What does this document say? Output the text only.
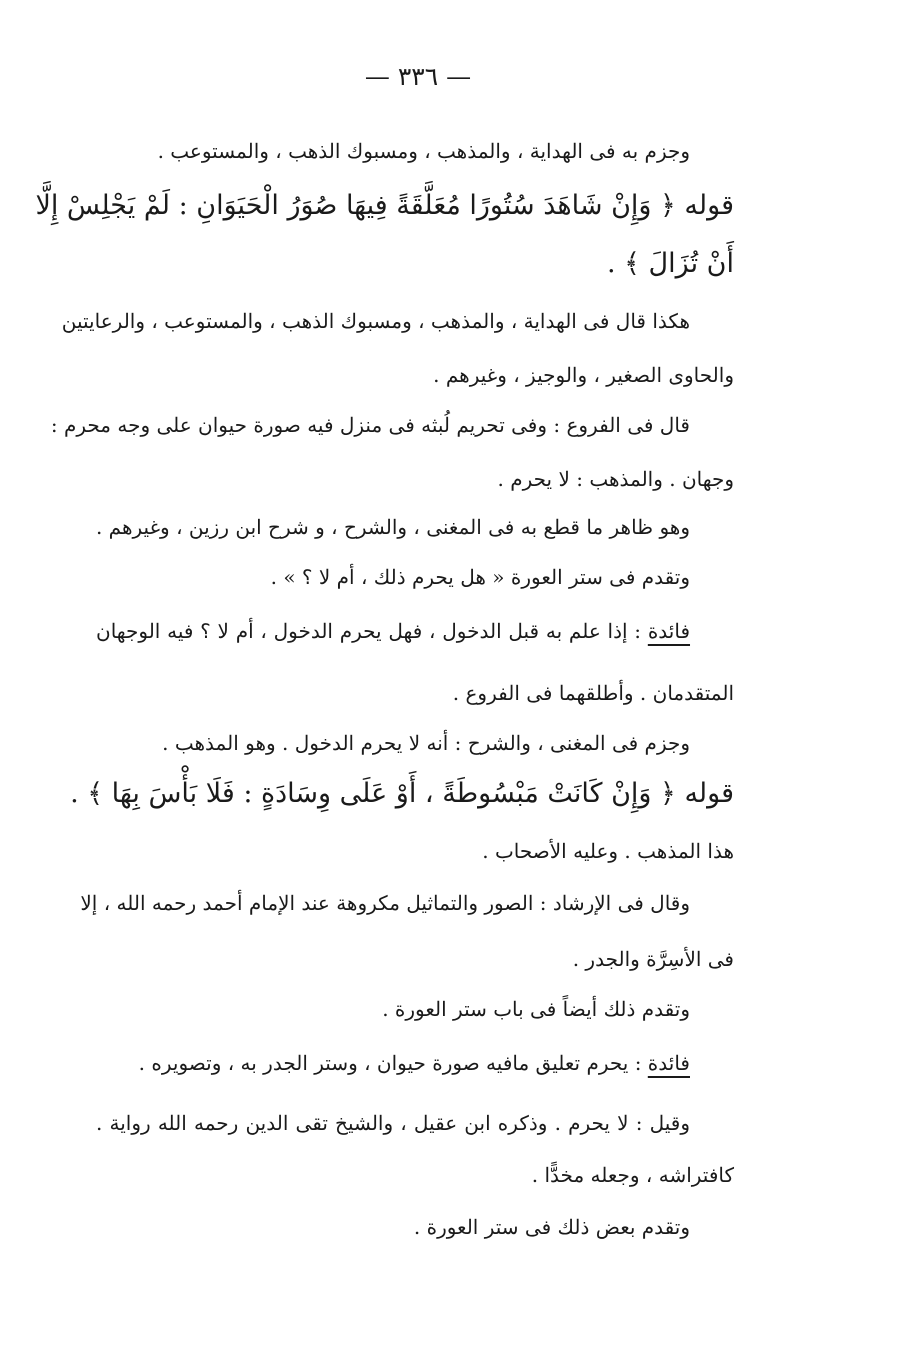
— ٣٣٦ —
وجزم به فى الهداية ، والمذهب ، ومسبوك الذهب ، والمستوعب .
قوله ﴿ وَإِنْ شَاهَدَ سُتُورًا مُعَلَّقَةً فِيهَا صُوَرُ الْحَيَوَانِ : لَمْ يَجْلِسْ إِلَّا
أَنْ تُزَالَ ﴾ .
هكذا قال فى الهداية ، والمذهب ، ومسبوك الذهب ، والمستوعب ، والرعايتين
والحاوى الصغير ، والوجيز ، وغيرهم .
قال فى الفروع : وفى تحريم لُبثه فى منزل فيه صورة حيوان على وجه محرم :
وجهان . والمذهب : لا يحرم .
وهو ظاهر ما قطع به فى المغنى ، والشرح ، و شرح ابن رزين ، وغيرهم .
وتقدم فى ستر العورة « هل يحرم ذلك ، أم لا ؟ » .
فائدة : إذا علم به قبل الدخول ، فهل يحرم الدخول ، أم لا ؟ فيه الوجهان
المتقدمان . وأطلقهما فى الفروع .
وجزم فى المغنى ، والشرح : أنه لا يحرم الدخول . وهو المذهب .
قوله ﴿ وَإِنْ كَانَتْ مَبْسُوطَةً ، أَوْ عَلَى وِسَادَةٍ : فَلَا بَأْسَ بِهَا ﴾ .
هذا المذهب . وعليه الأصحاب .
وقال فى الإرشاد : الصور والتماثيل مكروهة عند الإمام أحمد رحمه الله ، إلا
فى الأسِرَّة والجدر .
وتقدم ذلك أيضاً فى باب ستر العورة .
فائدة : يحرم تعليق مافيه صورة حيوان ، وستر الجدر به ، وتصويره .
وقيل : لا يحرم . وذكره ابن عقيل ، والشيخ تقى الدين رحمه الله رواية .
كافتراشه ، وجعله مخدًّا .
وتقدم بعض ذلك فى ستر العورة .
